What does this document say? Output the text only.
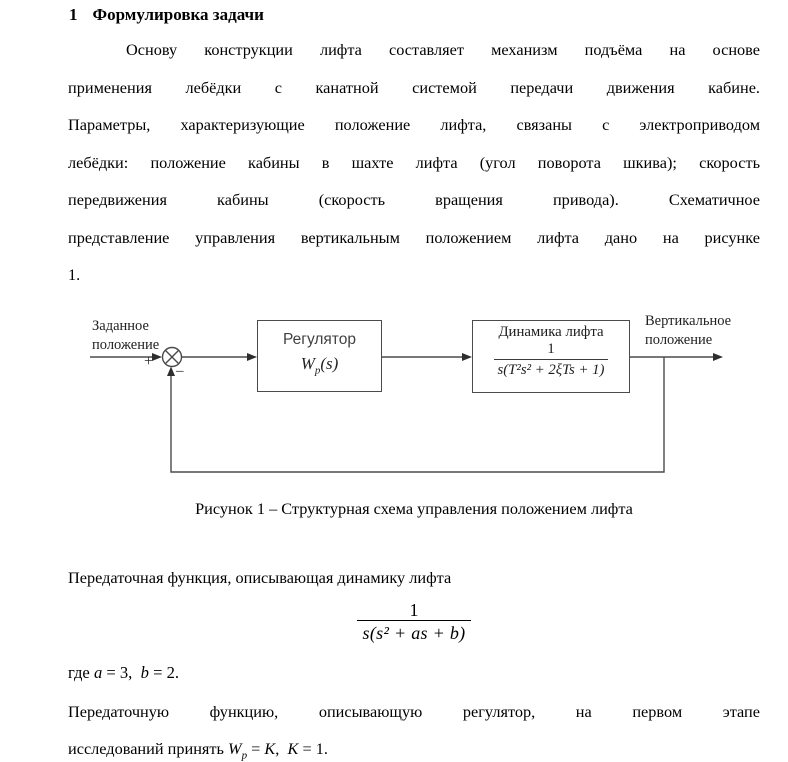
1 Формулировка задачи
Основу конструкции лифта составляет механизм подъёма на основе
применения лебёдки с канатной системой передачи движения кабине.
Параметры, характеризующие положение лифта, связаны с электроприводом
лебёдки: положение кабины в шахте лифта (угол поворота шкива); скорость
передвижения кабины (скорость вращения привода). Схематичное
представление управления вертикальным положением лифта дано на рисунке
1.
Заданное
положение
Вертикальное
положение
+
–
Регулятор
$W_p(s)$
Динамика лифта
1
s(T²s² + 2ξTs + 1)
Рисунок 1 – Структурная схема управления положением лифта
Передаточная функция, описывающая динамику лифта
$\frac{1}{\text{s(s² + as + b)}}$
где a = 3,  b = 2.
Передаточную функцию, описывающую регулятор, на первом этапе
исследований принять $W_p = K$,  K = 1.
